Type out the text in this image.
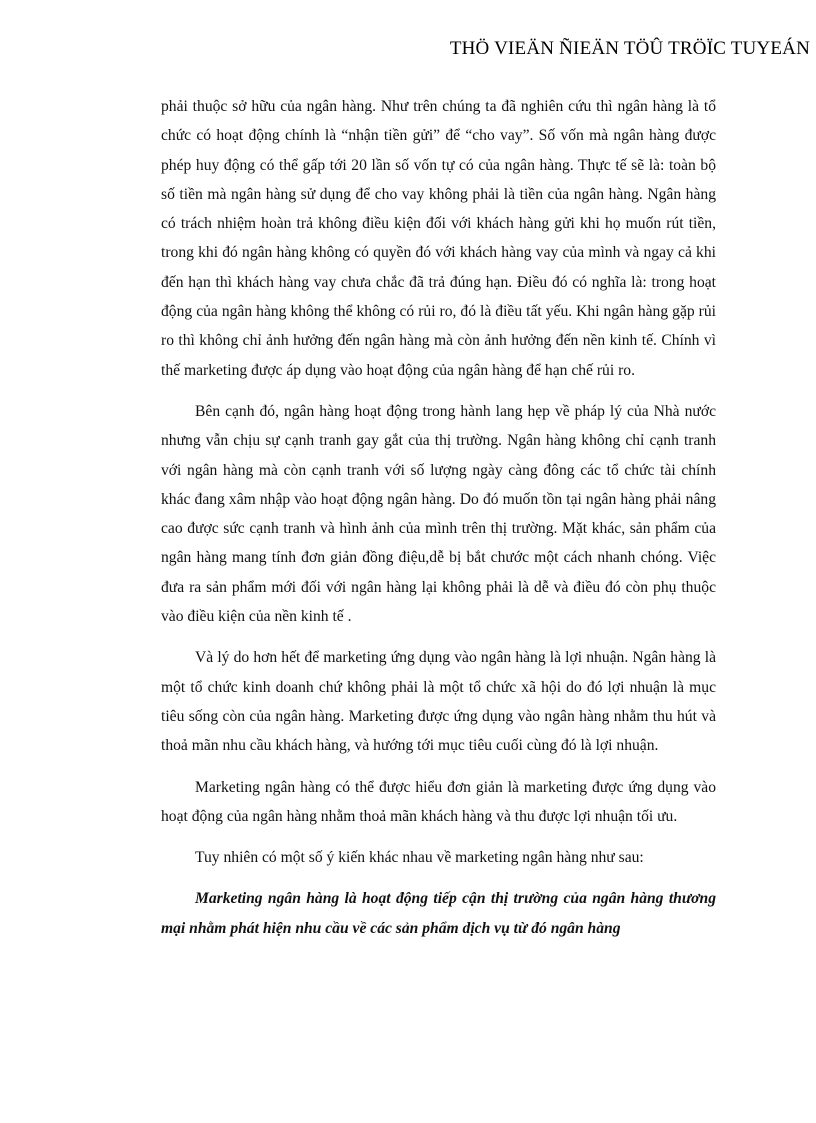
THÖ VIEÄN ÑIEÄN TÖÛ TRÖÏC TUYEÁN

phải thuộc sở hữu của ngân hàng. Như trên chúng ta đã nghiên cứu thì ngân hàng là tổ chức có hoạt động chính là “nhận tiền gửi” để “cho vay”. Số vốn mà ngân hàng được phép huy động có thể gấp tới 20 lần số vốn tự có của ngân hàng. Thực tế sẽ là: toàn bộ số tiền mà ngân hàng sử dụng để cho vay không phải là tiền của ngân hàng. Ngân hàng có trách nhiệm hoàn trả không điều kiện đối với khách hàng gửi khi họ muốn rút tiền, trong khi đó ngân hàng không có quyền đó với khách hàng vay của mình và ngay cả khi đến hạn thì khách hàng vay chưa chắc đã trả đúng hạn. Điều đó có nghĩa là: trong hoạt động của ngân hàng không thể không có rủi ro, đó là điều tất yếu. Khi ngân hàng gặp rủi ro thì không chỉ ảnh hưởng đến ngân hàng mà còn ảnh hưởng đến nền kinh tế. Chính vì thế marketing được áp dụng vào hoạt động của ngân hàng để hạn chế rủi ro.

Bên cạnh đó, ngân hàng hoạt động trong hành lang hẹp về pháp lý của Nhà nước nhưng vẫn chịu sự cạnh tranh gay gắt của thị trường. Ngân hàng không chỉ cạnh tranh với ngân hàng mà còn cạnh tranh với số lượng ngày càng đông các tổ chức tài chính khác đang xâm nhập vào hoạt động ngân hàng. Do đó muốn tồn tại ngân hàng phải nâng cao được sức cạnh tranh và hình ảnh của mình trên thị trường. Mặt khác, sản phẩm của ngân hàng mang tính đơn giản đồng điệu,dễ bị bắt chước một cách nhanh chóng. Việc đưa ra sản phẩm mới đối với ngân hàng lại không phải là dễ và điều đó còn phụ thuộc vào điều kiện của nền kinh tế .

Và lý do hơn hết để marketing ứng dụng vào ngân hàng là lợi nhuận. Ngân hàng là một tổ chức kinh doanh chứ không phải là một tổ chức xã hội do đó lợi nhuận là mục tiêu sống còn của ngân hàng. Marketing được ứng dụng vào ngân hàng nhằm thu hút và thoả mãn nhu cầu khách hàng, và hướng tới mục tiêu cuối cùng đó là lợi nhuận.

Marketing ngân hàng có thể được hiểu đơn giản là marketing được ứng dụng vào hoạt động của ngân hàng nhằm thoả mãn khách hàng và thu được lợi nhuận tối ưu.

Tuy nhiên có một số ý kiến khác nhau về marketing ngân hàng như sau:

Marketing ngân hàng là hoạt động tiếp cận thị trường của ngân hàng thương mại nhằm phát hiện nhu cầu về các sản phẩm dịch vụ từ đó ngân hàng
